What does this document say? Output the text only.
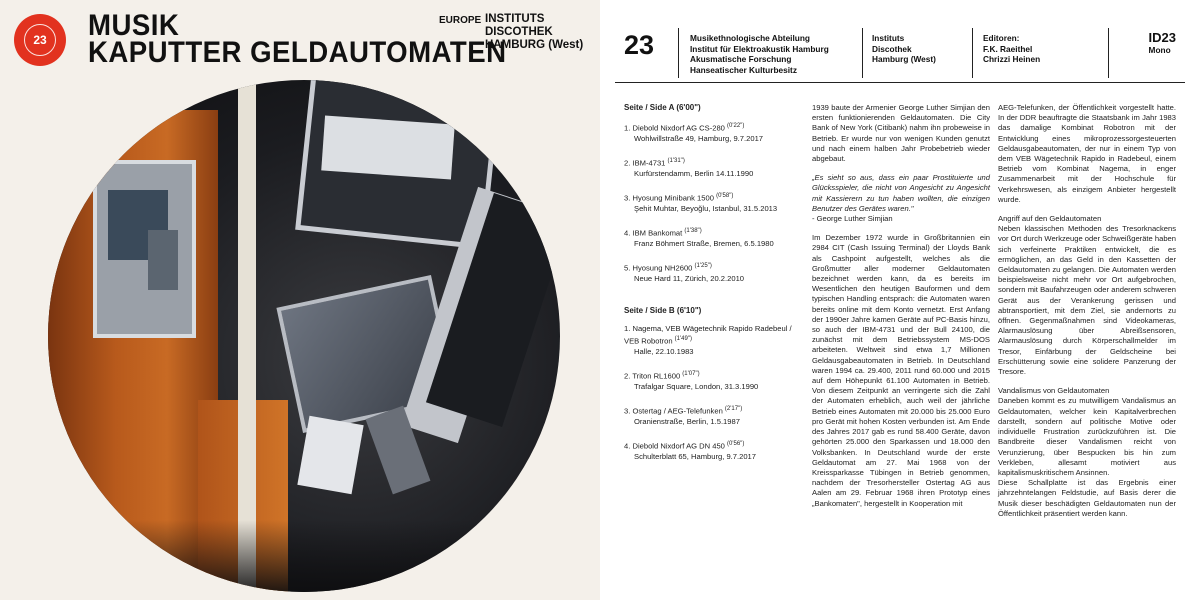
23	MUSIK
KAPUTTER GELDAUTOMATEN
EUROPE INSTITUTS
DISCOTHEK
HAMBURG (West) 23	Musikethnologische Abteilung
Institut für Elektroakustik Hamburg
Akusmatische Forschung
Hanseatischer Kulturbesitz
Instituts
Discothek
Hamburg (West)
Editoren:
F.K. Raeithel
Chrizzi Heinen
ID23
Mono
Seite / Side A (6'00")
1. Diebold Nixdorf AG CS-280 $^{(0'22")}$
Wohlwillstraße 49, Hamburg, 9.7.2017
2. IBM-4731 $^{(1'31")}$
Kurfürstendamm, Berlin 14.11.1990
3. Hyosung Minibank 1500 $^{(0'58")}$
Şehit Muhtar, Beyoğlu, Istanbul, 31.5.2013
4. IBM Bankomat $^{(1'38")}$
Franz Böhmert Straße, Bremen, 6.5.1980
5. Hyosung NH2600 $^{(1'25")}$
Neue Hard 11, Zürich, 20.2.2010
Seite / Side B (6'10")
1. Nagema, VEB Wägetechnik Rapido Radebeul / VEB Robotron $^{(1'49")}$
Halle, 22.10.1983
2. Triton RL1600 $^{(1'07")}$
Trafalgar Square, London, 31.3.1990
3. Ostertag / AEG-Telefunken $^{(2'17")}$
Oranienstraße, Berlin, 1.5.1987
4. Diebold Nixdorf AG DN 450 $^{(0'56")}$
Schulterblatt 65, Hamburg, 9.7.2017

1939 baute der Armenier George Luther Simjian den ersten funktionierenden Geldautomaten. Die City Bank of New York (Citibank) nahm ihn probeweise in Betrieb. Er wurde nur von wenigen Kunden genutzt und nach einem halben Jahr Probebetrieb wieder abgebaut.

„Es sieht so aus, dass ein paar Prostituierte und Glücksspieler, die nicht von Angesicht zu Angesicht mit Kassierern zu tun haben wollten, die einzigen Benutzer des Gerätes waren."

- George Luther Simjian

Im Dezember 1972 wurde in Großbritannien ein 2984 CIT (Cash Issuing Terminal) der Lloyds Bank als Cashpoint aufgestellt, welches als die Großmutter aller moderner Geldautomaten bezeichnet werden kann, da es bereits im Wesentlichen den heutigen Bauformen und dem typischen Handling entsprach: die Automaten waren bereits online mit dem Konto vernetzt. Erst Anfang der 1990er Jahre kamen Geräte auf PC-Basis hinzu, so auch der IBM-4731 und der Bull 24100, die zunächst mit dem Betriebssystem MS-DOS arbeiteten. Weltweit sind etwa 1,7 Millionen Geldausgabeautomaten in Betrieb. In Deutschland waren 1994 ca. 29.400, 2011 rund 60.000 und 2015 auf dem Höhepunkt 61.100 Automaten in Betrieb. Von diesem Zeitpunkt an verringerte sich die Zahl der Automaten erheblich, auch weil der jährliche Betrieb eines Automaten mit 20.000 bis 25.000 Euro pro Gerät mit hohen Kosten verbunden ist. Am Ende des Jahres 2017 gab es rund 58.400 Geräte, davon gehörten 25.000 den Sparkassen und 18.000 den Volksbanken. In Deutschland wurde der erste Geldautomat am 27. Mai 1968 von der Kreissparkasse Tübingen in Betrieb genommen, nachdem der Tresorhersteller Ostertag AG aus Aalen am 29. Februar 1968 ihren Prototyp eines „Bankomaten", hergestellt in Kooperation mit

AEG-Telefunken, der Öffentlichkeit vorgestellt hatte. In der DDR beauftragte die Staatsbank im Jahr 1983 das damalige Kombinat Robotron mit der Entwicklung eines mikroprozessorgesteuerten Geldausgabeautomaten, der nur in einem Typ von dem VEB Wägetechnik Rapido in Radebeul, einem Betrieb vom Kombinat Nagema, in enger Zusammenarbeit mit der Hochschule für Verkehrswesen, als einzigem Anbieter hergestellt wurde.

Angriff auf den Geldautomaten

Neben klassischen Methoden des Tresorknackens vor Ort durch Werkzeuge oder Schweißgeräte haben sich verfeinerte Praktiken entwickelt, die es ermöglichen, an das Geld in den Kassetten der Geldautomaten zu gelangen. Die Automaten werden beispielsweise nicht mehr vor Ort aufgebrochen, sondern mit Baufahrzeugen oder anderem schweren Gerät aus der Verankerung gerissen und abtransportiert, mit dem Ziel, sie andernorts zu öffnen. Gegenmaßnahmen sind Videokameras, Alarmauslösung über Abreißsensoren, Alarmauslösung durch Körperschallmelder im Tresor, Einfärbung der Geldscheine bei Erschütterung sowie eine solidere Panzerung der Tresore.

Vandalismus von Geldautomaten

Daneben kommt es zu mutwilligem Vandalismus an Geldautomaten, welcher kein Kapitalverbrechen darstellt, sondern auf politische Motive oder individuelle Frustration zurückzuführen ist. Die Bandbreite dieser Vandalismen reicht von Verunzierung, über Bespucken bis hin zum Verkleben, allesamt motiviert aus kapitalismuskritischem Ansinnen.

Diese Schallplatte ist das Ergebnis einer jahrzehntelangen Feldstudie, auf Basis derer die Musik dieser beschädigten Geldautomaten nun der Öffentlichkeit präsentiert werden kann.
